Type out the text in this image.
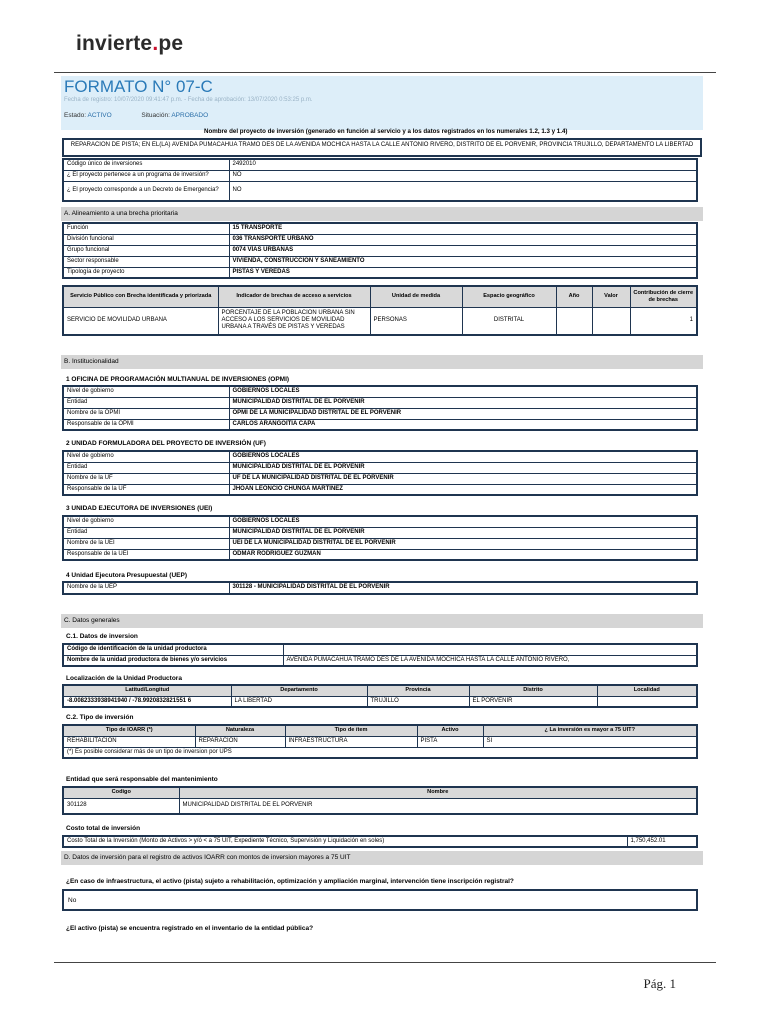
invierte.pe
FORMATO N° 07-C
Fecha de registro: 10/07/2020 09:41:47 p.m. - Fecha de aprobación: 13/07/2020 0:53:25 p.m.
Estado: ACTIVO	Situación: APROBADO
Nombre del proyecto de inversión (generado en función al servicio y a los datos registrados en los numerales 1.2, 1.3 y 1.4)
REPARACION DE PISTA; EN EL(LA) AVENIDA PUMACAHUA TRAMO DES DE LA AVENIDA MOCHICA HASTA LA CALLE ANTONIO RIVERO, DISTRITO DE EL PORVENIR, PROVINCIA TRUJILLO, DEPARTAMENTO LA LIBERTAD
Código único de inversiones	2492010
¿ El proyecto pertenece a un programa de inversión?	NO
¿ El proyecto corresponde a un Decreto de Emergencia?	NO
A. Alineamiento a una brecha prioritaria
Función	15 TRANSPORTE
División funcional	036 TRANSPORTE URBANO
Grupo funcional	0074 VÍAS URBANAS
Sector responsable	VIVIENDA, CONSTRUCCION Y SANEAMIENTO
Tipología de proyecto	PISTAS Y VEREDAS
Servicio Público con Brecha identificada y priorizada	Indicador de brechas de acceso a servicios	Unidad de medida	Espacio geográfico	Año	Valor	Contribución de cierre de brechas
SERVICIO DE MOVILIDAD URBANA	PORCENTAJE DE LA POBLACION URBANA SIN ACCESO A LOS SERVICIOS DE MOVILIDAD URBANA A TRAVÉS DE PISTAS Y VEREDAS	PERSONAS	DISTRITAL			1
B. Institucionalidad
1 OFICINA DE PROGRAMACIÓN MULTIANUAL DE INVERSIONES (OPMI)
Nivel de gobierno	GOBIERNOS LOCALES
Entidad	MUNICIPALIDAD DISTRITAL DE EL PORVENIR
Nombre de la OPMI	OPMI DE LA MUNICIPALIDAD DISTRITAL DE EL PORVENIR
Responsable de la OPMI	CARLOS ARANGOITIA CAPA
2 UNIDAD FORMULADORA DEL PROYECTO DE INVERSIÓN (UF)
Nivel de gobierno	GOBIERNOS LOCALES
Entidad	MUNICIPALIDAD DISTRITAL DE EL PORVENIR
Nombre de la UF	UF DE LA MUNICIPALIDAD DISTRITAL DE EL PORVENIR
Responsable de la UF	JHOAN LEONCIO CHUNGA MARTINEZ
3 UNIDAD EJECUTORA DE INVERSIONES (UEI)
Nivel de gobierno	GOBIERNOS LOCALES
Entidad	MUNICIPALIDAD DISTRITAL DE EL PORVENIR
Nombre de la UEI	UEI DE LA MUNICIPALIDAD DISTRITAL DE EL PORVENIR
Responsable de la UEI	ODMAR RODRIGUEZ GUZMAN
4 Unidad Ejecutora Presupuestal (UEP)
Nombre de la UEP	301128 - MUNICIPALIDAD DISTRITAL DE EL PORVENIR
C. Datos generales
C.1. Datos de inversion
Código de identificación de la unidad productora	
Nombre de la unidad productora de bienes y/o servicios	AVENIDA PUMACAHUA TRAMO DES DE LA AVENIDA MOCHICA HASTA LA CALLE ANTONIO RIVERO,
Localización de la Unidad Productora
Latitud/Longitud	Departamento	Provincia	Distrito	Localidad
-8.0082333938941940 / -78.9920832821551 6	LA LIBERTAD	TRUJILLO	EL PORVENIR	
C.2. Tipo de inversión
Tipo de IOARR (*)	Naturaleza	Tipo de ítem	Activo	¿ La inversión es mayor a 75 UIT?
REHABILITACION	REPARACION	INFRAESTRUCTURA	PISTA	SI
(*) Es posible considerar más de un tipo de inversion por UPS				
Entidad que será responsable del mantenimiento
Codigo	Nombre
301128	MUNICIPALIDAD DISTRITAL DE EL PORVENIR
Costo total de inversión
Costo Total de la Inversión (Monto de Activos > y/ó < a 75 UIT, Expediente Técnico, Supervisión y Liquidación en soles)	1,750,452.01
D. Datos de inversión para el registro de activos IOARR con montos de inversion mayores a 75 UIT
¿En caso de infraestructura, el activo (pista) sujeto a rehabilitación, optimización y ampliación marginal, intervención tiene inscripción registral?
No
¿El activo (pista) se encuentra registrado en el inventario de la entidad pública?
Pág. 1
